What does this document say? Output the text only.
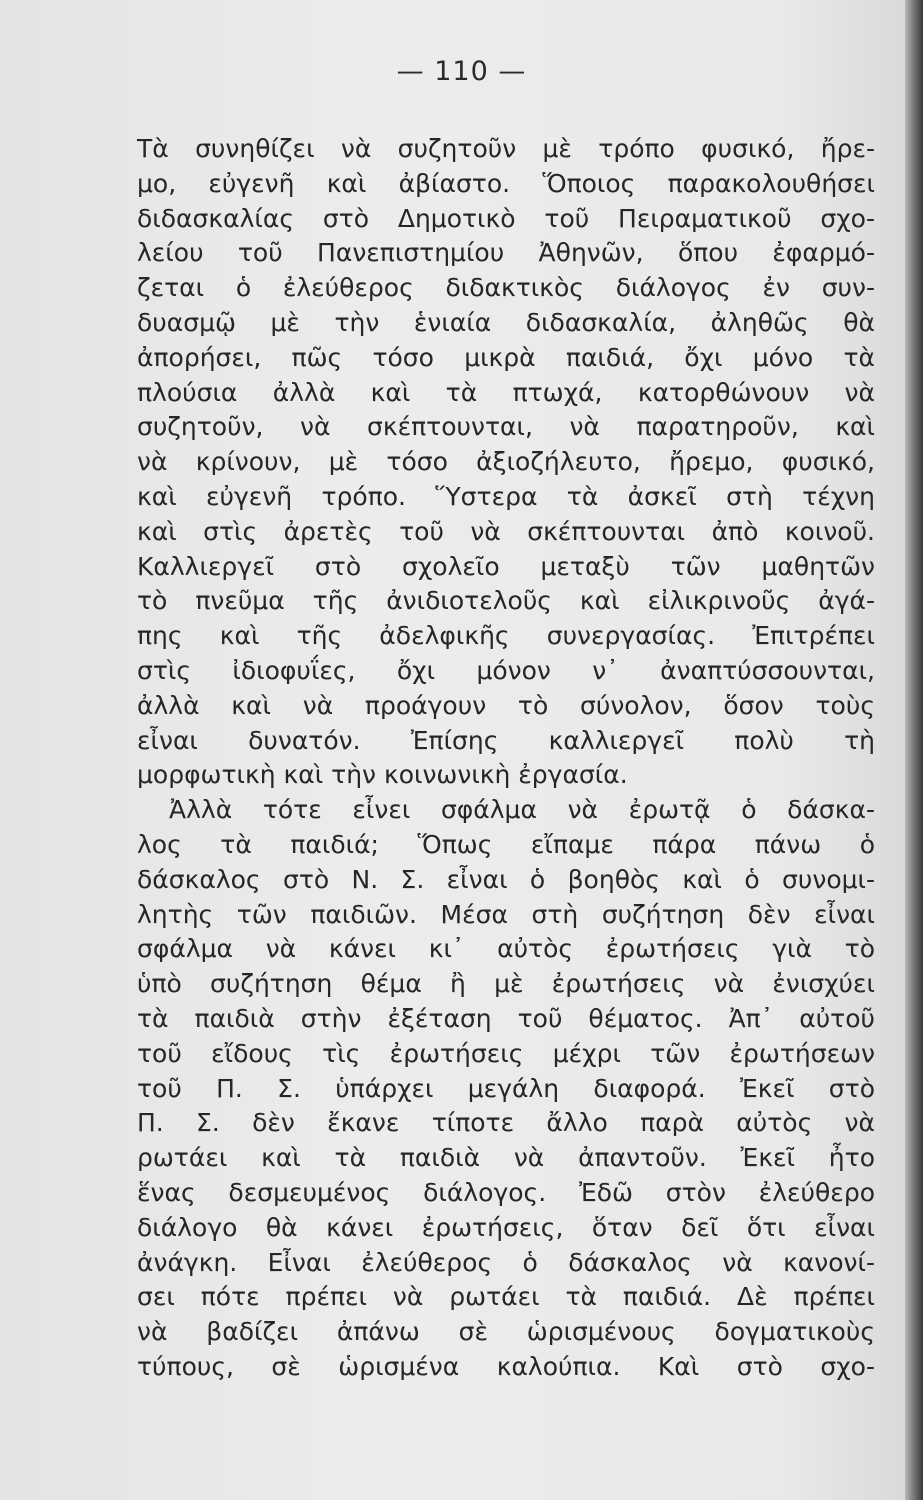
— 110 —
Τὰ συνηθίζει νὰ συζητοῦν μὲ τρόπο φυσικό, ἤρε-
μο, εὐγενῆ καὶ ἀβίαστο. Ὅποιος παρακολουθήσει
διδασκαλίας στὸ Δημοτικὸ τοῦ Πειραματικοῦ σχο-
λείου τοῦ Πανεπιστημίου Ἀθηνῶν, ὅπου ἐφαρμό-
ζεται ὁ ἐλεύθερος διδακτικὸς διάλογος ἐν συν-
δυασμῷ μὲ τὴν ἑνιαία διδασκαλία, ἀληθῶς θὰ
ἀπορήσει, πῶς τόσο μικρὰ παιδιά, ὄχι μόνο τὰ
πλούσια ἀλλὰ καὶ τὰ πτωχά, κατορθώνουν νὰ
συζητοῦν, νὰ σκέπτουνται, νὰ παρατηροῦν, καὶ
νὰ κρίνουν, μὲ τόσο ἀξιοζήλευτο, ἤρεμο, φυσικό,
καὶ εὐγενῆ τρόπο. Ὕστερα τὰ ἀσκεῖ στὴ τέχνη
καὶ στὶς ἀρετὲς τοῦ νὰ σκέπτουνται ἀπὸ κοινοῦ.
Καλλιεργεῖ στὸ σχολεῖο μεταξὺ τῶν μαθητῶν
τὸ πνεῦμα τῆς ἀνιδιοτελοῦς καὶ εἰλικρινοῦς ἀγά-
πης καὶ τῆς ἀδελφικῆς συνεργασίας. Ἐπιτρέπει
στὶς ἰδιοφυΐες, ὄχι μόνον ν᾽ ἀναπτύσσουνται,
ἀλλὰ καὶ νὰ προάγουν τὸ σύνολον, ὅσον τοὺς
εἶναι δυνατόν. Ἐπίσης καλλιεργεῖ πολὺ τὴ
μορφωτικὴ καὶ τὴν κοινωνικὴ ἐργασία.
Ἀλλὰ τότε εἶνει σφάλμα νὰ ἐρωτᾷ ὁ δάσκα-
λος τὰ παιδιά; Ὅπως εἴπαμε πάρα πάνω ὁ
δάσκαλος στὸ Ν. Σ. εἶναι ὁ βοηθὸς καὶ ὁ συνομι-
λητὴς τῶν παιδιῶν. Μέσα στὴ συζήτηση δὲν εἶναι
σφάλμα νὰ κάνει κι᾽ αὐτὸς ἐρωτήσεις γιὰ τὸ
ὑπὸ συζήτηση θέμα ἢ μὲ ἐρωτήσεις νὰ ἐνισχύει
τὰ παιδιὰ στὴν ἐξέταση τοῦ θέματος. Ἀπ᾽ αὐτοῦ
τοῦ εἴδους τὶς ἐρωτήσεις μέχρι τῶν ἐρωτήσεων
τοῦ Π. Σ. ὑπάρχει μεγάλη διαφορά. Ἐκεῖ στὸ
Π. Σ. δὲν ἔκανε τίποτε ἄλλο παρὰ αὐτὸς νὰ
ρωτάει καὶ τὰ παιδιὰ νὰ ἀπαντοῦν. Ἐκεῖ ἦτο
ἕνας δεσμευμένος διάλογος. Ἐδῶ στὸν ἐλεύθερο
διάλογο θὰ κάνει ἐρωτήσεις, ὅταν δεῖ ὅτι εἶναι
ἀνάγκη. Εἶναι ἐλεύθερος ὁ δάσκαλος νὰ κανονί-
σει πότε πρέπει νὰ ρωτάει τὰ παιδιά. Δὲ πρέπει
νὰ βαδίζει ἀπάνω σὲ ὡρισμένους δογματικοὺς
τύπους, σὲ ὡρισμένα καλούπια. Καὶ στὸ σχο-
